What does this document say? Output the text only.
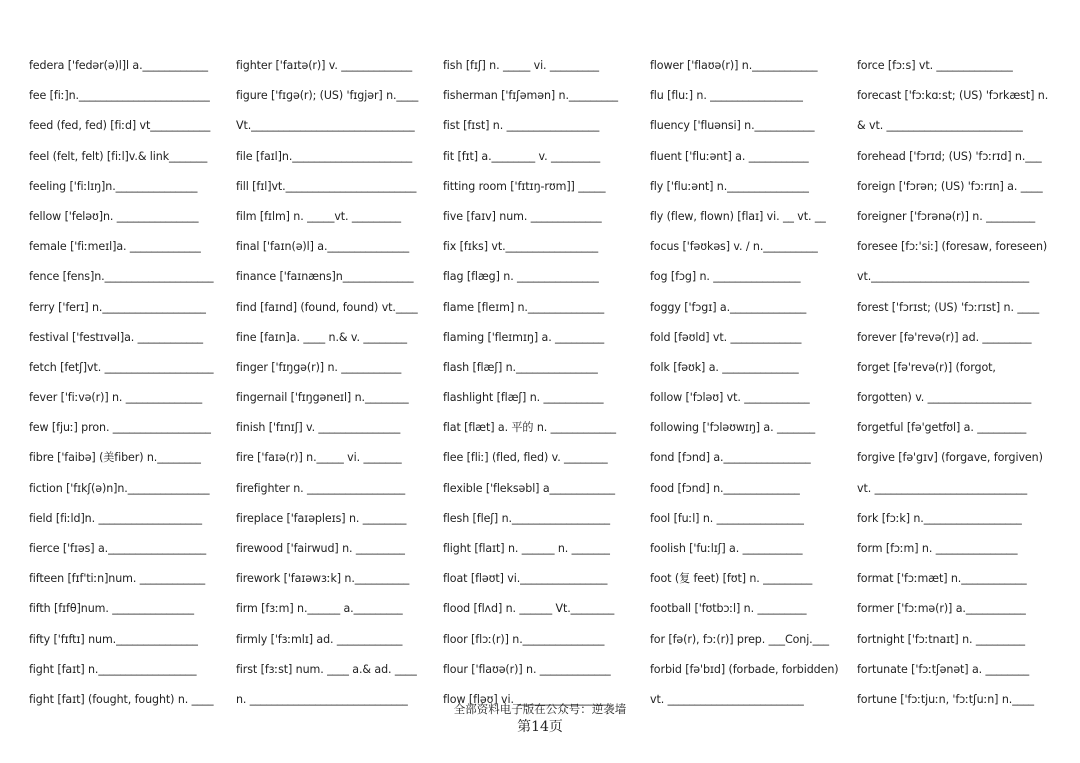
federa ['fedər(ə)l]l a.____________
fee [fiː]n.________________________
feed (fed, fed) [fiːd] vt___________
feel (felt, felt) [fiːl]v.& link_______
feeling ['fiːlɪŋ]n._______________
fellow ['feləʊ]n. _______________
female ['fiːmeɪl]a. _____________
fence [fens]n.____________________
ferry ['ferɪ] n.___________________
festival ['festɪvəl]a. ____________
fetch [fetʃ]vt. ____________________
fever ['fiːvə(r)] n. ______________
few [fjuː] pron. __________________
fibre ['faibə] (美fiber) n.________
fiction ['fɪkʃ(ə)n]n._______________
field [fiːld]n. ___________________
fierce ['fɪəs] a.__________________
fifteen [fɪf'tiːn]num. ____________
fifth [fɪfθ]num. _______________
fifty ['fɪftɪ] num._______________
fight [faɪt] n.__________________
fight [faɪt] (fought, fought) n. ____
fighter ['faɪtə(r)] v. _____________
figure ['fɪɡə(r); (US) 'fɪgjər] n.____
Vt.______________________________
file [faɪl]n.______________________
fill [fɪl]vt.________________________
film [fɪlm] n. _____vt. _________
final ['faɪn(ə)l] a._______________
finance ['faɪnæns]n_____________
find [faɪnd] (found, found) vt.____
fine [faɪn]a. ____ n.& v. ________
finger ['fɪŋgə(r)] n. ___________
fingernail ['fɪŋgəneɪl] n.________
finish ['fɪnɪʃ] v. _______________
fire ['faɪə(r)] n._____ vi. _______
firefighter n. __________________
fireplace ['faɪəpleɪs] n. ________
firewood ['fairwud] n. _________
firework ['faɪəwɜːk] n.__________
firm [fɜːm] n.______ a._________
firmly ['fɜːmlɪ] ad. ____________
first [fɜːst] num. ____ a.& ad. ____
n. _____________________________
fish [fɪʃ] n. _____ vi. _________
fisherman ['fɪʃəmən] n._________
fist [fɪst] n. _________________
fit [fɪt] a.________ v. _________
fitting room ['fɪtɪŋ-rʊm]] _____
five [faɪv] num. _____________
fix [fɪks] vt._________________
flag [flæg] n. _______________
flame [fleɪm] n.______________
flaming ['fleɪmɪŋ] a. _________
flash [flæʃ] n._______________
flashlight [flæʃ] n. ___________
flat [flæt] a. 平的 n. ____________
flee [fliː] (fled, fled) v. ________
flexible ['fleksəbl] a____________
flesh [fleʃ] n.__________________
flight [flaɪt] n. ______ n. _______
float [fləʊt] vi.________________
flood [flʌd] n. ______ Vt.________
floor [flɔː(r)] n._______________
flour ['flaʊə(r)] n. _____________
flow [fləʊ] vi. _________________
flower ['flaʊə(r)] n.____________
flu [fluː] n. _________________
fluency ['fluənsi] n.___________
fluent ['fluːənt] a. ___________
fly ['fluːənt] n._______________
fly (flew, flown) [flaɪ] vi. __ vt. __
focus ['fəʊkəs] v. / n.__________
fog [fɔg] n. ________________
foggy ['fɔgɪ] a.______________
fold [fəʊld] vt. _____________
folk [fəʊk] a. ______________
follow ['fɔləʊ] vt. ____________
following ['fɔləʊwɪŋ] a. _______
fond [fɔnd] a.________________
food [fɔnd] n.______________
fool [fuːl] n. ________________
foolish ['fuːlɪʃ] a. ___________
foot (复 feet) [fʊt] n. _________
football ['fʊtbɔːl] n. _________
for [fə(r), fɔː(r)] prep. ___Conj.___
forbid [fə'bɪd] (forbade, forbidden)
vt. _________________________
force [fɔːs] vt. ______________
forecast ['fɔːkɑːst; (US) 'fɔrkæst] n.
& vt. _________________________
forehead ['fɔrɪd; (US) 'fɔːrɪd] n.___
foreign ['fɔrən; (US) 'fɔːrɪn] a. ____
foreigner ['fɔrənə(r)] n. _________
foresee [fɔː'siː] (foresaw, foreseen)
vt._____________________________
forest ['fɔrɪst; (US) 'fɔːrɪst] n. ____
forever [fə'revə(r)] ad. _________
forget [fə'revə(r)] (forgot,
forgotten) v. ___________________
forgetful [fə'getfʊl] a. _________
forgive [fə'gɪv] (forgave, forgiven)
vt. ____________________________
fork [fɔːk] n.__________________
form [fɔːm] n. _______________
format ['fɔːmæt] n.____________
former ['fɔːmə(r)] a.___________
fortnight ['fɔːtnaɪt] n. _________
fortunate ['fɔːtʃənət] a. ________
fortune ['fɔːtjuːn, 'fɔːtʃuːn] n.____
全部资料电子版在公众号：逆袭墙
第14页
